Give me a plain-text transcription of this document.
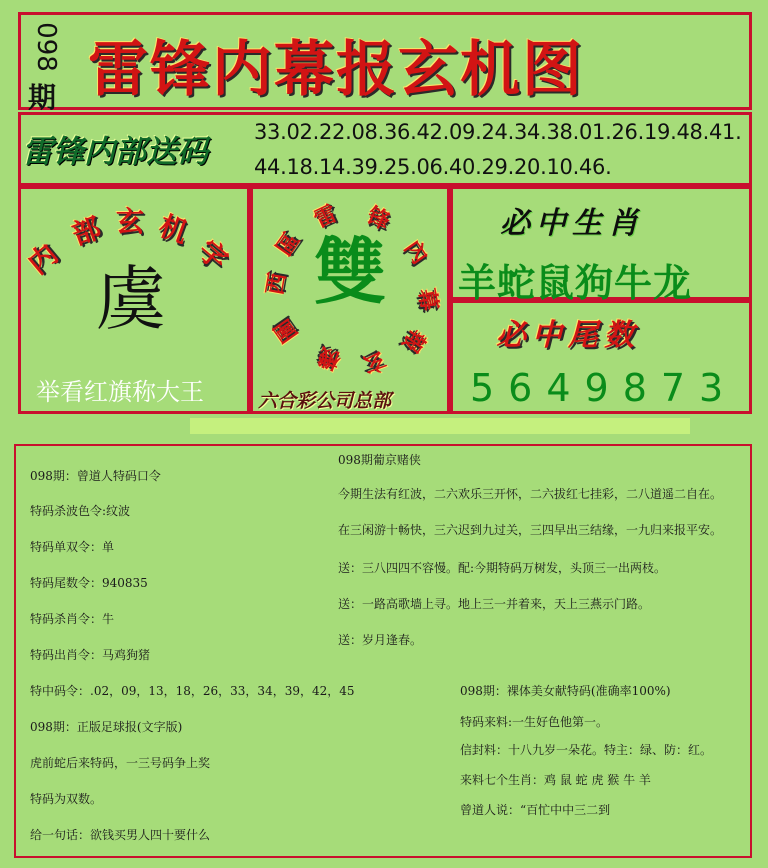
098
期 雷锋内幕报玄机图
雷锋内部送码
33.02.22.08.36.42.09.24.34.38.01.26.19.48.41.
44.18.14.39.25.06.40.29.20.10.46.
内
部 玄 机
字
虞
举看红旗称大王
西
區
雷 锋
內
幕
報
玄
機
圖
雙
六合彩公司总部
必中生肖
羊蛇鼠狗牛龙
必中尾数
5649873
098期：曾道人特码口令
特码杀波色令:纹波
特码单双令：单
特码尾数令：940835
特码杀肖令：牛
特码出肖令：马鸡狗猪
特中码令：.02，09，13，18，26，33，34，39，42，45
098期：正版足球报(文字版)
虎前蛇后来特码，一三号码争上奖
特码为双数。
给一句话：欲钱买男人四十要什么
098期葡京赌侠
今期生法有红波，二六欢乐三开怀，二六拔红七挂彩，二八道遥二自在。
在三闲游十畅快，三六迟到九过关，三四早出三结缘，一九归来报平安。
送：三八四四不容慢。配:今期特码万树发，头顶三一出两枝。
送：一路高歌墙上寻。地上三一并着来，天上三燕示门路。
送：岁月逢春。
098期：裸体美女献特码(准确率100%)
特码来料:一生好色他第一。
信封料：十八九岁一朵花。特主：绿、防：红。
来料七个生肖：鸡 鼠 蛇 虎 猴 牛 羊
曾道人说：“百忙中中三二到
